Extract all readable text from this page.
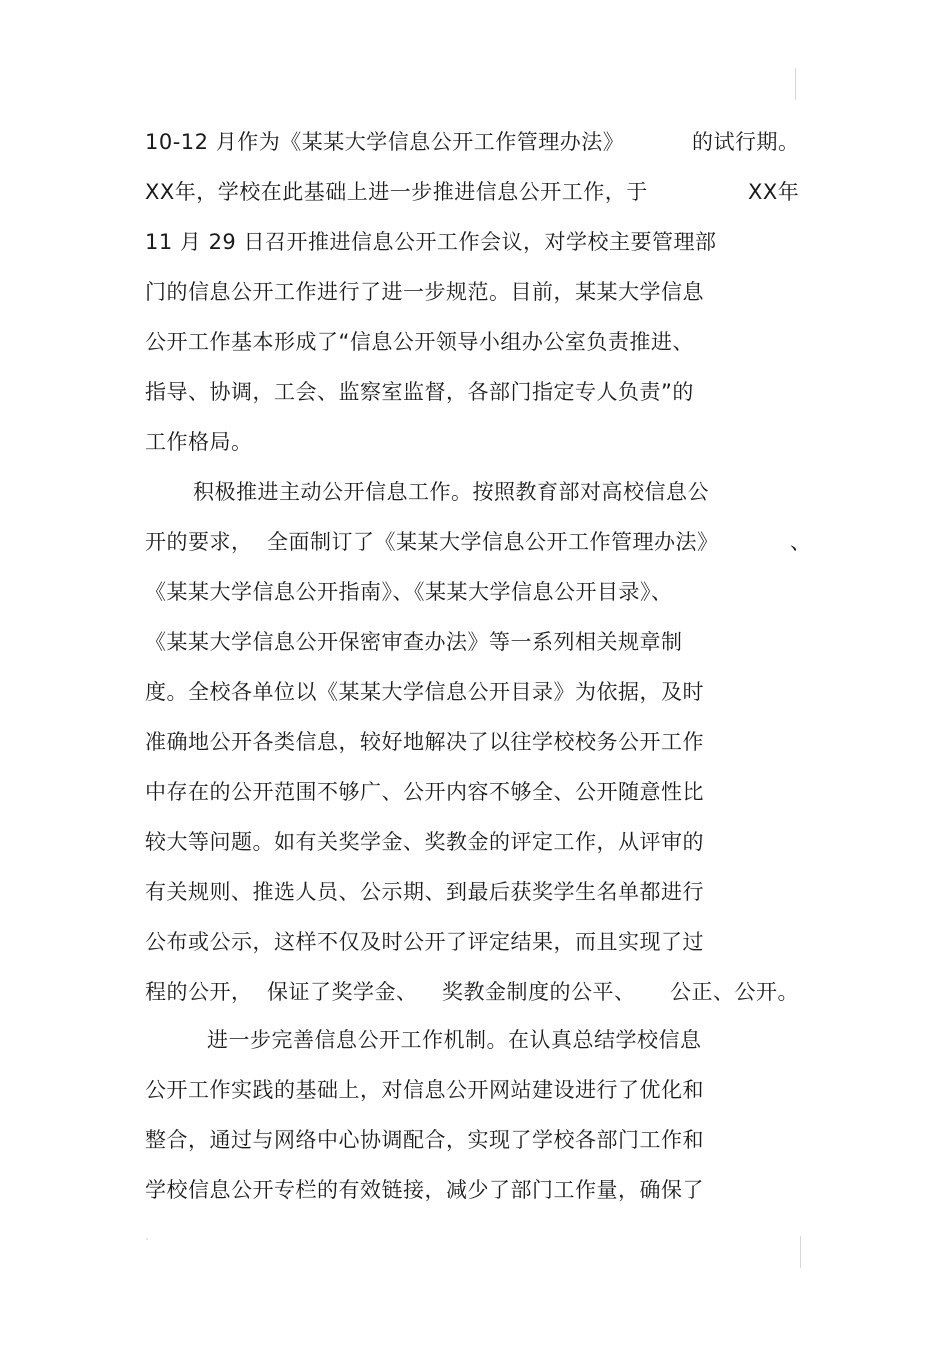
10-12 月作为《某某大学信息公开工作管理办法》	的试行期。
XX年，学校在此基础上进一步推进信息公开工作，于	XX年
11 月 29 日召开推进信息公开工作会议，对学校主要管理部
门的信息公开工作进行了进一步规范。目前，某某大学信息
公开工作基本形成了“信息公开领导小组办公室负责推进、
指导、协调，工会、监察室监督，各部门指定专人负责”的
工作格局。
积极推进主动公开信息工作。按照教育部对高校信息公
开的要求， 全面制订了《某某大学信息公开工作管理办法》	、
《某某大学信息公开指南》、《某某大学信息公开目录》、
《某某大学信息公开保密审查办法》等一系列相关规章制
度。全校各单位以《某某大学信息公开目录》为依据，及时
准确地公开各类信息，较好地解决了以往学校校务公开工作
中存在的公开范围不够广、公开内容不够全、公开随意性比
较大等问题。如有关奖学金、奖教金的评定工作，从评审的
有关规则、推选人员、公示期、到最后获奖学生名单都进行
公布或公示，这样不仅及时公开了评定结果，而且实现了过
程的公开， 保证了奖学金、 奖教金制度的公平、 公正、公开。
进一步完善信息公开工作机制。在认真总结学校信息
公开工作实践的基础上，对信息公开网站建设进行了优化和
整合，通过与网络中心协调配合，实现了学校各部门工作和
学校信息公开专栏的有效链接，减少了部门工作量，确保了
